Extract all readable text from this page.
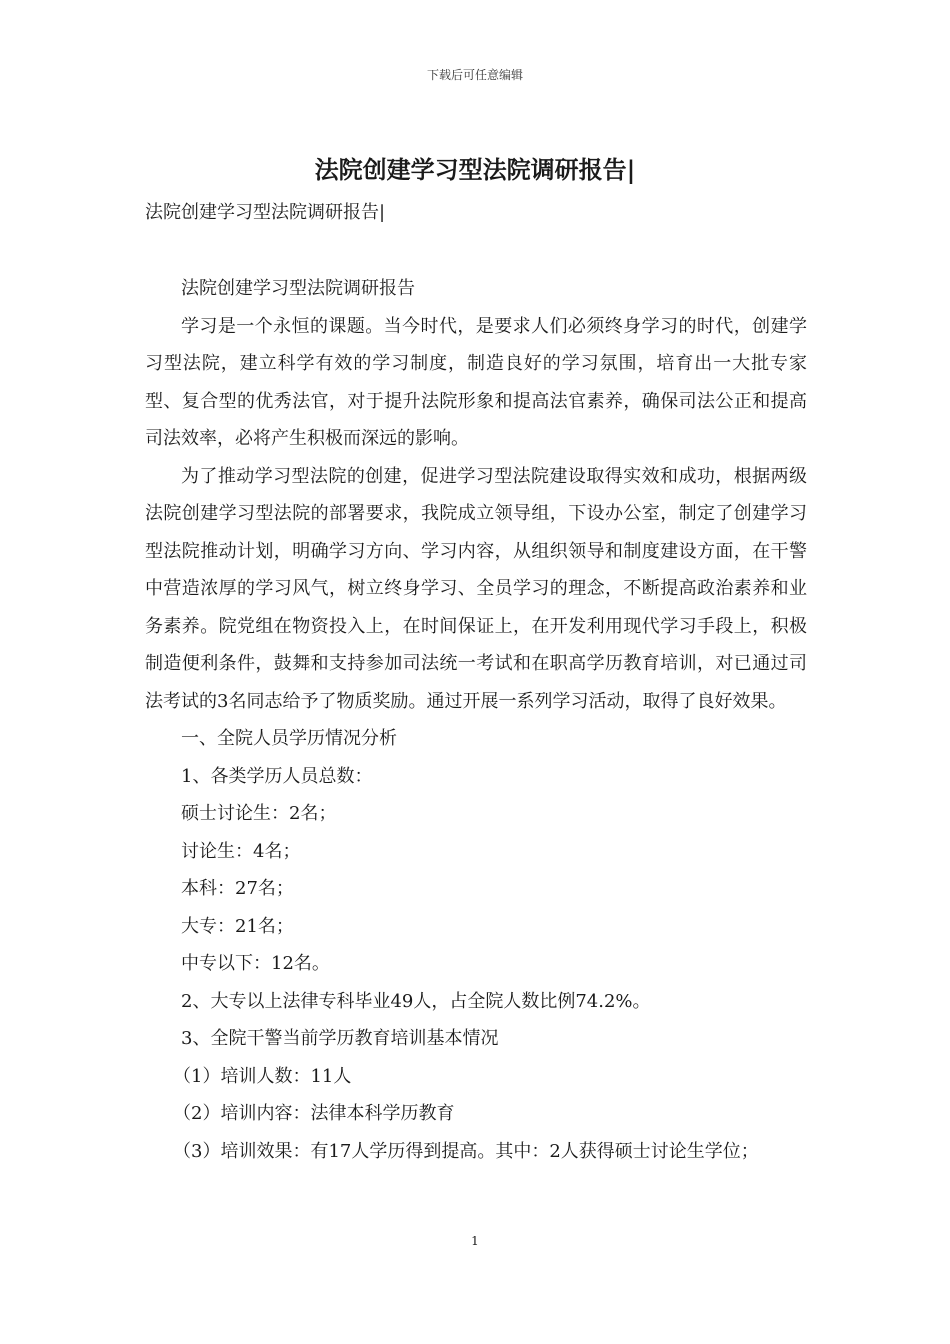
下载后可任意编辑
法院创建学习型法院调研报告|

法院创建学习型法院调研报告|

法院创建学习型法院调研报告

学习是一个永恒的课题。当今时代，是要求人们必须终身学习的时代，创建学习型法院，建立科学有效的学习制度，制造良好的学习氛围，培育出一大批专家型、复合型的优秀法官，对于提升法院形象和提高法官素养，确保司法公正和提高司法效率，必将产生积极而深远的影响。

为了推动学习型法院的创建，促进学习型法院建设取得实效和成功，根据两级法院创建学习型法院的部署要求，我院成立领导组，下设办公室，制定了创建学习型法院推动计划，明确学习方向、学习内容，从组织领导和制度建设方面，在干警中营造浓厚的学习风气，树立终身学习、全员学习的理念，不断提高政治素养和业务素养。院党组在物资投入上，在时间保证上，在开发利用现代学习手段上，积极制造便利条件，鼓舞和支持参加司法统一考试和在职高学历教育培训，对已通过司法考试的3名同志给予了物质奖励。通过开展一系列学习活动，取得了良好效果。

一、全院人员学历情况分析

1、各类学历人员总数：

硕士讨论生：2名；

讨论生：4名；

本科：27名；

大专：21名；

中专以下：12名。

2、大专以上法律专科毕业49人，占全院人数比例74.2%。

3、全院干警当前学历教育培训基本情况

（1）培训人数：11人

（2）培训内容：法律本科学历教育

（3）培训效果：有17人学历得到提高。其中：2人获得硕士讨论生学位；

1
